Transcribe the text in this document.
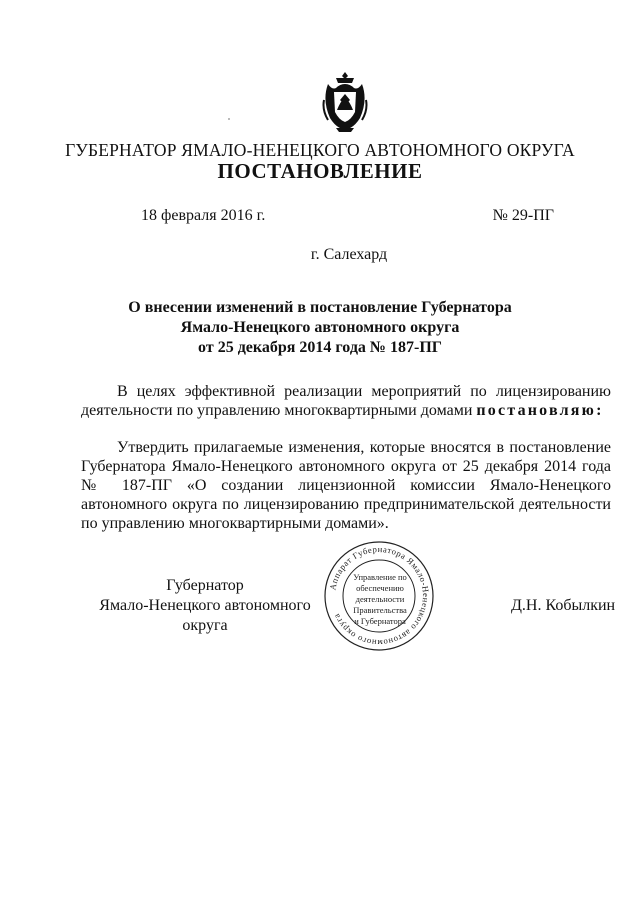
ГУБЕРНАТОР ЯМАЛО-НЕНЕЦКОГО АВТОНОМНОГО ОКРУГА
ПОСТАНОВЛЕНИЕ
18 февраля 2016 г.	№ 29-ПГ
г. Салехард
О внесении изменений в постановление Губернатора
Ямало-Ненецкого автономного округа
от 25 декабря 2014 года № 187-ПГ
В целях эффективной реализации мероприятий по лицензированию деятельности по управлению многоквартирными домами постановляю:
Утвердить прилагаемые изменения, которые вносятся в постановление Губернатора Ямало-Ненецкого автономного округа от 25 декабря 2014 года № 187-ПГ «О создании лицензионной комиссии Ямало-Ненецкого автономного округа по лицензированию предпринимательской деятельности по управлению многоквартирными домами».
Губернатор
Ямало-Ненецкого автономного округа
Аппарат Губернатора Ямало-Ненецкого автономного округа
Управление по
обеспечению
деятельности
Правительства
и Губернатора
Д.Н. Кобылкин
